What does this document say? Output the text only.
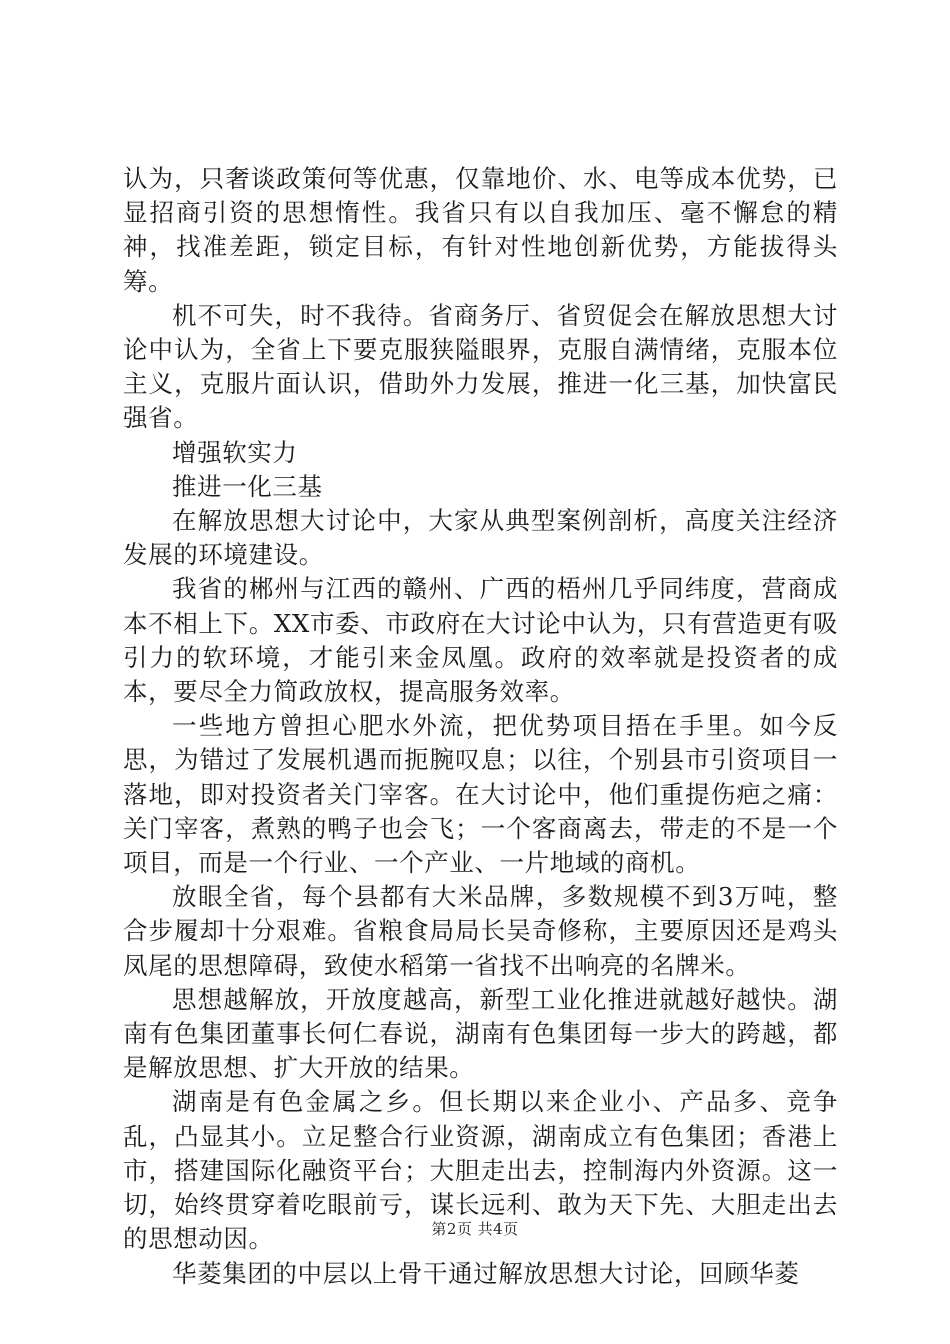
认为，只奢谈政策何等优惠，仅靠地价、水、电等成本优势，已显招商引资的思想惰性。我省只有以自我加压、毫不懈怠的精神，找准差距，锁定目标，有针对性地创新优势，方能拔得头筹。

机不可失，时不我待。省商务厅、省贸促会在解放思想大讨论中认为，全省上下要克服狭隘眼界，克服自满情绪，克服本位主义，克服片面认识，借助外力发展，推进一化三基，加快富民强省。

增强软实力

推进一化三基

在解放思想大讨论中，大家从典型案例剖析，高度关注经济发展的环境建设。

我省的郴州与江西的赣州、广西的梧州几乎同纬度，营商成本不相上下。XX市委、市政府在大讨论中认为，只有营造更有吸引力的软环境，才能引来金凤凰。政府的效率就是投资者的成本，要尽全力简政放权，提高服务效率。

一些地方曾担心肥水外流，把优势项目捂在手里。如今反思，为错过了发展机遇而扼腕叹息；以往，个别县市引资项目一落地，即对投资者关门宰客。在大讨论中，他们重提伤疤之痛：关门宰客，煮熟的鸭子也会飞；一个客商离去，带走的不是一个项目，而是一个行业、一个产业、一片地域的商机。

放眼全省，每个县都有大米品牌，多数规模不到3万吨，整合步履却十分艰难。省粮食局局长吴奇修称，主要原因还是鸡头凤尾的思想障碍，致使水稻第一省找不出响亮的名牌米。

思想越解放，开放度越高，新型工业化推进就越好越快。湖南有色集团董事长何仁春说，湖南有色集团每一步大的跨越，都是解放思想、扩大开放的结果。

湖南是有色金属之乡。但长期以来企业小、产品多、竞争乱，凸显其小。立足整合行业资源，湖南成立有色集团；香港上市，搭建国际化融资平台；大胆走出去，控制海内外资源。这一切，始终贯穿着吃眼前亏，谋长远利、敢为天下先、大胆走出去的思想动因。

华菱集团的中层以上骨干通过解放思想大讨论，回顾华菱

第2页 共4页
